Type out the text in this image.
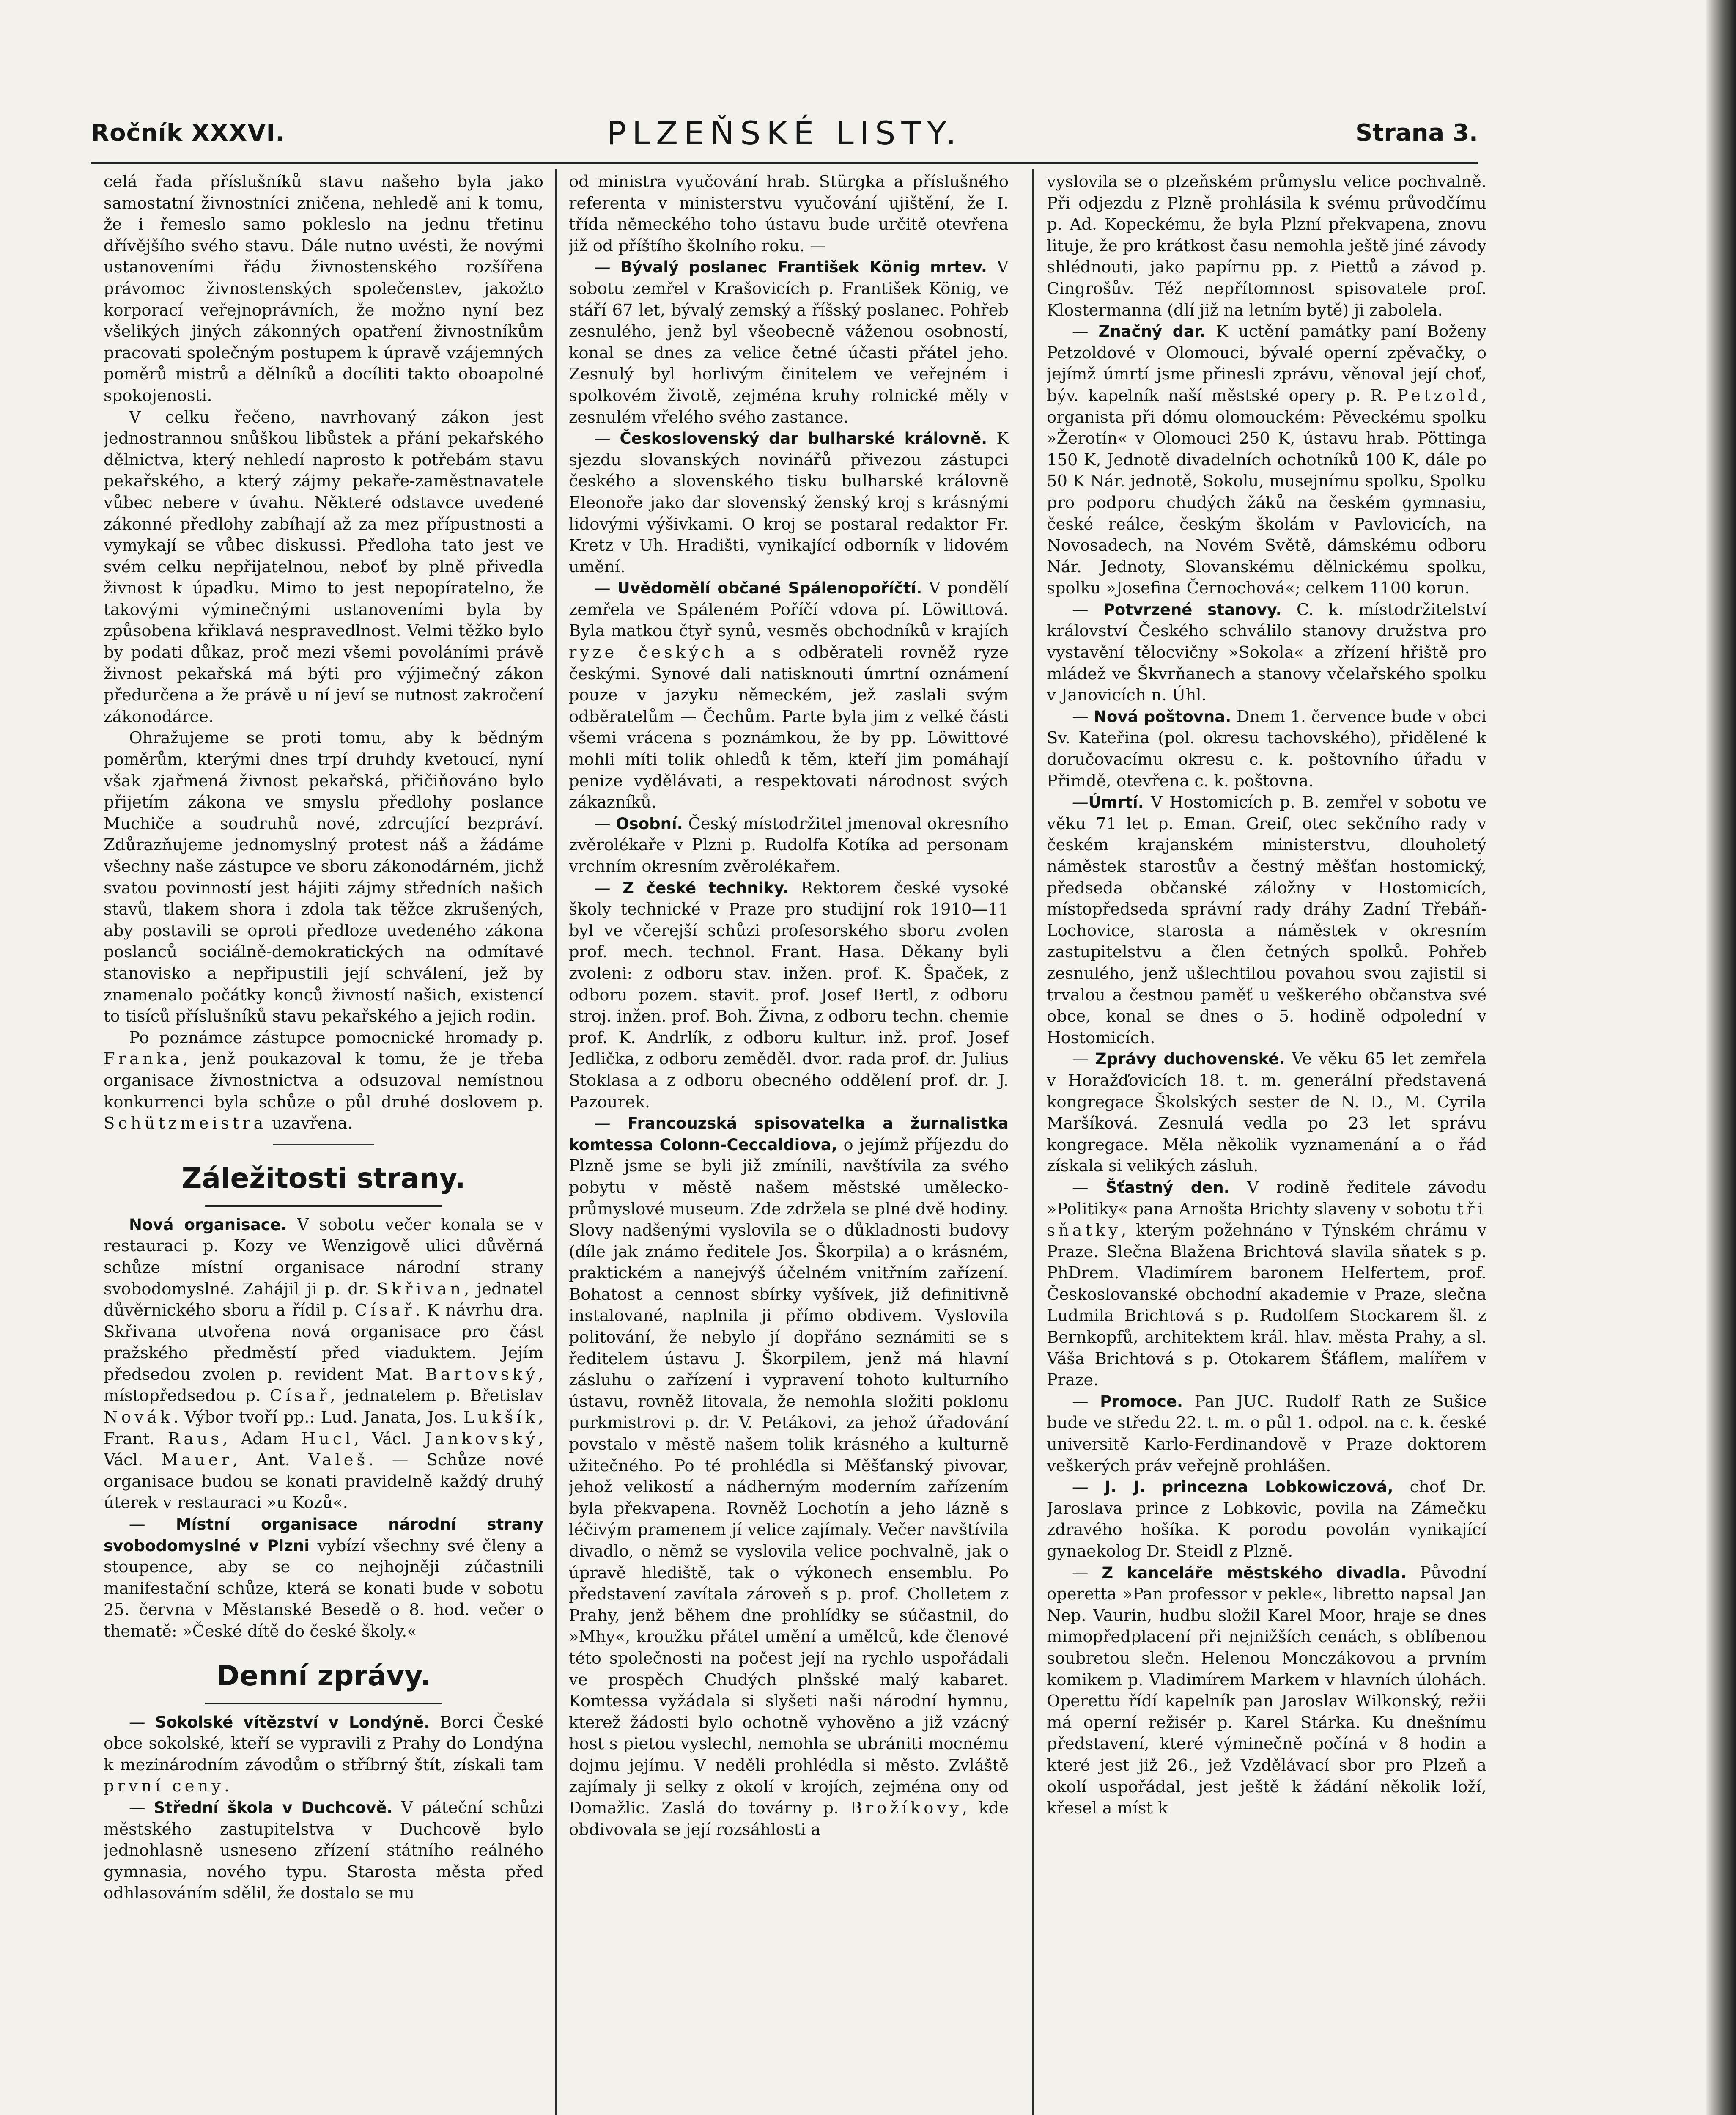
Ročník XXXVI.	PLZEŇSKÉ LISTY.	Strana 3.

celá řada příslušníků stavu našeho byla jako samostatní živnostníci zničena, nehledě ani k tomu, že i řemeslo samo pokleslo na jednu třetinu dřívějšího svého stavu. Dále nutno uvésti, že novými ustanoveními řádu živnostenského rozšířena právomoc živnostenských společenstev, jakožto korporací veřejnoprávních, že možno nyní bez všelikých jiných zákonných opatření živnostníkům pracovati společným postupem k úpravě vzájemných poměrů mistrů a dělníků a docíliti takto oboapolné spokojenosti.

V celku řečeno, navrhovaný zákon jest jednostrannou snůškou libůstek a přání pekařského dělnictva, který nehledí naprosto k potřebám stavu pekařského, a který zájmy pekaře-zaměstnavatele vůbec nebere v úvahu. Některé odstavce uvedené zákonné předlohy zabíhají až za mez přípustnosti a vymykají se vůbec diskussi. Předloha tato jest ve svém celku nepřijatelnou, neboť by plně přivedla živnost k úpadku. Mimo to jest nepopíratelno, že takovými výminečnými ustanoveními byla by způsobena křiklavá nespravedlnost. Velmi těžko bylo by podati důkaz, proč mezi všemi povoláními právě živnost pekařská má býti pro výjimečný zákon předurčena a že právě u ní jeví se nutnost zakročení zákonodárce.

Ohražujeme se proti tomu, aby k bědným poměrům, kterými dnes trpí druhdy kvetoucí, nyní však zjařmená živnost pekařská, přičiňováno bylo přijetím zákona ve smyslu předlohy poslance Muchiče a soudruhů nové, zdrcující bezpráví. Zdůrazňujeme jednomyslný protest náš a žádáme všechny naše zástupce ve sboru zákonodárném, jichž svatou povinností jest hájiti zájmy středních našich stavů, tlakem shora i zdola tak těžce zkrušených, aby postavili se oproti předloze uvedeného zákona poslanců sociálně-demokratických na odmítavé stanovisko a nepřipustili její schválení, jež by znamenalo počátky konců živností našich, existencí to tisíců příslušníků stavu pekařského a jejich rodin.

Po poznámce zástupce pomocnické hromady p. Franka, jenž poukazoval k tomu, že je třeba organisace živnostnictva a odsuzoval nemístnou konkurrenci byla schůze o půl druhé doslovem p. Schützmeistra uzavřena.

Záležitosti strany.

Nová organisace. V sobotu večer konala se v restauraci p. Kozy ve Wenzigově ulici důvěrná schůze místní organisace národní strany svobodomyslné. Zahájil ji p. dr. Skřivan, jednatel důvěrnického sboru a řídil p. Císař. K návrhu dra. Skřivana utvořena nová organisace pro část pražského předměstí před viaduktem. Jejím předsedou zvolen p. revident Mat. Bartovský, místopředsedou p. Císař, jednatelem p. Břetislav Novák. Výbor tvoří pp.: Lud. Janata, Jos. Lukšík, Frant. Raus, Adam Hucl, Václ. Jankovský, Václ. Mauer, Ant. Valeš. — Schůze nové organisace budou se konati pravidelně každý druhý úterek v restauraci »u Kozů«.

— Místní organisace národní strany svobodomyslné v Plzni vybízí všechny své členy a stoupence, aby se co nejhojněji zúčastnili manifestační schůze, která se konati bude v sobotu 25. června v Městanské Besedě o 8. hod. večer o thematě: »České dítě do české školy.«

Denní zprávy.

— Sokolské vítězství v Londýně. Borci České obce sokolské, kteří se vypravili z Prahy do Londýna k mezinárodním závodům o stříbrný štít, získali tam první ceny.

— Střední škola v Duchcově. V páteční schůzi městského zastupitelstva v Duchcově bylo jednohlasně usneseno zřízení státního reálného gymnasia, nového typu. Starosta města před odhlasováním sdělil, že dostalo se mu

od ministra vyučování hrab. Stürgka a příslušného referenta v ministerstvu vyučování ujištění, že I. třída německého toho ústavu bude určitě otevřena již od příštího školního roku. —

— Bývalý poslanec František König mrtev. V sobotu zemřel v Krašovicích p. František König, ve stáří 67 let, bývalý zemský a říšský poslanec. Pohřeb zesnulého, jenž byl všeobecně váženou osobností, konal se dnes za velice četné účasti přátel jeho. Zesnulý byl horlivým činitelem ve veřejném i spolkovém životě, zejména kruhy rolnické měly v zesnulém vřelého svého zastance.

— Československý dar bulharské královně. K sjezdu slovanských novinářů přivezou zástupci českého a slovenského tisku bulharské královně Eleonoře jako dar slovenský ženský kroj s krásnými lidovými výšivkami. O kroj se postaral redaktor Fr. Kretz v Uh. Hradišti, vynikající odborník v lidovém umění.

— Uvědomělí občané Spálenopoříčtí. V pondělí zemřela ve Spáleném Poříčí vdova pí. Löwittová. Byla matkou čtyř synů, vesměs obchodníků v krajích ryze českých a s odběrateli rovněž ryze českými. Synové dali natisknouti úmrtní oznámení pouze v jazyku německém, jež zaslali svým odběratelům — Čechům. Parte byla jim z velké části všemi vrácena s poznámkou, že by pp. Löwittové mohli míti tolik ohledů k těm, kteří jim pomáhají penize vydělávati, a respektovati národnost svých zákazníků.

— Osobní. Český místodržitel jmenoval okresního zvěrolékaře v Plzni p. Rudolfa Kotíka ad personam vrchním okresním zvěrolékařem.

— Z české techniky. Rektorem české vysoké školy technické v Praze pro studijní rok 1910—11 byl ve včerejší schůzi profesorského sboru zvolen prof. mech. technol. Frant. Hasa. Děkany byli zvoleni: z odboru stav. inžen. prof. K. Špaček, z odboru pozem. stavit. prof. Josef Bertl, z odboru stroj. inžen. prof. Boh. Živna, z odboru techn. chemie prof. K. Andrlík, z odboru kultur. inž. prof. Josef Jedlička, z odboru zeměděl. dvor. rada prof. dr. Julius Stoklasa a z odboru obecného oddělení prof. dr. J. Pazourek.

— Francouzská spisovatelka a žurnalistka komtessa Colonn-Ceccaldiova, o jejímž příjezdu do Plzně jsme se byli již zmínili, navštívila za svého pobytu v městě našem městské umělecko-průmyslové museum. Zde zdržela se plné dvě hodiny. Slovy nadšenými vyslovila se o důkladnosti budovy (díle jak známo ředitele Jos. Škorpila) a o krásném, praktickém a nanejvýš účelném vnitřním zařízení. Bohatost a cennost sbírky vyšívek, již definitivně instalované, naplnila ji přímo obdivem. Vyslovila politování, že nebylo jí dopřáno seznámiti se s ředitelem ústavu J. Škorpilem, jenž má hlavní zásluhu o zařízení i vypravení tohoto kulturního ústavu, rovněž litovala, že nemohla složiti poklonu purkmistrovi p. dr. V. Petákovi, za jehož úřadování povstalo v městě našem tolik krásného a kulturně užitečného. Po té prohlédla si Měšťanský pivovar, jehož velikostí a nádherným moderním zařízením byla překvapena. Rovněž Lochotín a jeho lázně s léčivým pramenem jí velice zajímaly. Večer navštívila divadlo, o němž se vyslovila velice pochvalně, jak o úpravě hlediště, tak o výkonech ensemblu. Po představení zavítala zároveň s p. prof. Cholletem z Prahy, jenž během dne prohlídky se súčastnil, do »Mhy«, kroužku přátel umění a umělců, kde členové této společnosti na počest její na rychlo uspořádali ve prospěch Chudých plnšské malý kabaret. Komtessa vyžádala si slyšeti naši národní hymnu, kterež žádosti bylo ochotně vyhověno a již vzácný host s pietou vyslechl, nemohla se ubrániti mocnému dojmu jejímu. V neděli prohlédla si město. Zvláště zajímaly ji selky z okolí v krojích, zejména ony od Domažlic. Zaslá do továrny p. Brožíkovy, kde obdivovala se její rozsáhlosti a

vyslovila se o plzeňském průmyslu velice pochvalně. Při odjezdu z Plzně prohlásila k svému průvodčímu p. Ad. Kopeckému, že byla Plzní překvapena, znovu lituje, že pro krátkost času nemohla ještě jiné závody shlédnouti, jako papírnu pp. z Piettů a závod p. Cingrošův. Též nepřítomnost spisovatele prof. Klostermanna (dlí již na letním bytě) ji zabolela.

— Značný dar. K uctění památky paní Boženy Petzoldové v Olomouci, bývalé operní zpěvačky, o jejímž úmrtí jsme přinesli zprávu, věnoval její choť, býv. kapelník naší městské opery p. R. Petzold, organista při dómu olomouckém: Pěveckému spolku »Žerotín« v Olomouci 250 K, ústavu hrab. Pöttinga 150 K, Jednotě divadelních ochotníků 100 K, dále po 50 K Nár. jednotě, Sokolu, musejnímu spolku, Spolku pro podporu chudých žáků na českém gymnasiu, české reálce, českým školám v Pavlovicích, na Novosadech, na Novém Světě, dámskému odboru Nár. Jednoty, Slovanskému dělnickému spolku, spolku »Josefina Černochová«; celkem 1100 korun.

— Potvrzené stanovy. C. k. místodržitelství království Českého schválilo stanovy družstva pro vystavění tělocvičny »Sokola« a zřízení hřiště pro mládež ve Škvrňanech a stanovy včelařského spolku v Janovicích n. Úhl.

— Nová poštovna. Dnem 1. července bude v obci Sv. Kateřina (pol. okresu tachovského), přidělené k doručovacímu okresu c. k. poštovního úřadu v Přimdě, otevřena c. k. poštovna.

—Úmrtí. V Hostomicích p. B. zemřel v sobotu ve věku 71 let p. Eman. Greif, otec sekčního rady v českém krajanském ministerstvu, dlouholetý náměstek starostův a čestný měšťan hostomický, předseda občanské záložny v Hostomicích, místopředseda správní rady dráhy Zadní Třebáň-Lochovice, starosta a náměstek v okresním zastupitelstvu a člen četných spolků. Pohřeb zesnulého, jenž ušlechtilou povahou svou zajistil si trvalou a čestnou paměť u veškerého občanstva své obce, konal se dnes o 5. hodině odpolední v Hostomicích.

— Zprávy duchovenské. Ve věku 65 let zemřela v Horažďovicích 18. t. m. generální představená kongregace Školských sester de N. D., M. Cyrila Maršíková. Zesnulá vedla po 23 let správu kongregace. Měla několik vyznamenání a o řád získala si velikých zásluh.

— Šťastný den. V rodině ředitele závodu »Politiky« pana Arnošta Brichty slaveny v sobotu tři sňatky, kterým požehnáno v Týnském chrámu v Praze. Slečna Blažena Brichtová slavila sňatek s p. PhDrem. Vladimírem baronem Helfertem, prof. Českoslovanské obchodní akademie v Praze, slečna Ludmila Brichtová s p. Rudolfem Stockarem šl. z Bernkopfů, architektem král. hlav. města Prahy, a sl. Váša Brichtová s p. Otokarem Šťáflem, malířem v Praze.

— Promoce. Pan JUC. Rudolf Rath ze Sušice bude ve středu 22. t. m. o půl 1. odpol. na c. k. české universitě Karlo-Ferdinandově v Praze doktorem veškerých práv veřejně prohlášen.

— J. J. princezna Lobkowiczová, choť Dr. Jaroslava prince z Lobkovic, povila na Zámečku zdravého hošíka. K porodu povolán vynikající gynaekolog Dr. Steidl z Plzně.

— Z kanceláře městského divadla. Původní operetta »Pan professor v pekle«, libretto napsal Jan Nep. Vaurin, hudbu složil Karel Moor, hraje se dnes mimopředplacení při nejnižších cenách, s oblíbenou soubretou slečn. Helenou Monczákovou a prvním komikem p. Vladimírem Markem v hlavních úlohách. Operettu řídí kapelník pan Jaroslav Wilkonský, režii má operní režisér p. Karel Stárka. Ku dnešnímu představení, které výminečně počíná v 8 hodin a které jest již 26., jež Vzdělávací sbor pro Plzeň a okolí uspořádal, jest ještě k žádání několik loží, křesel a míst k
